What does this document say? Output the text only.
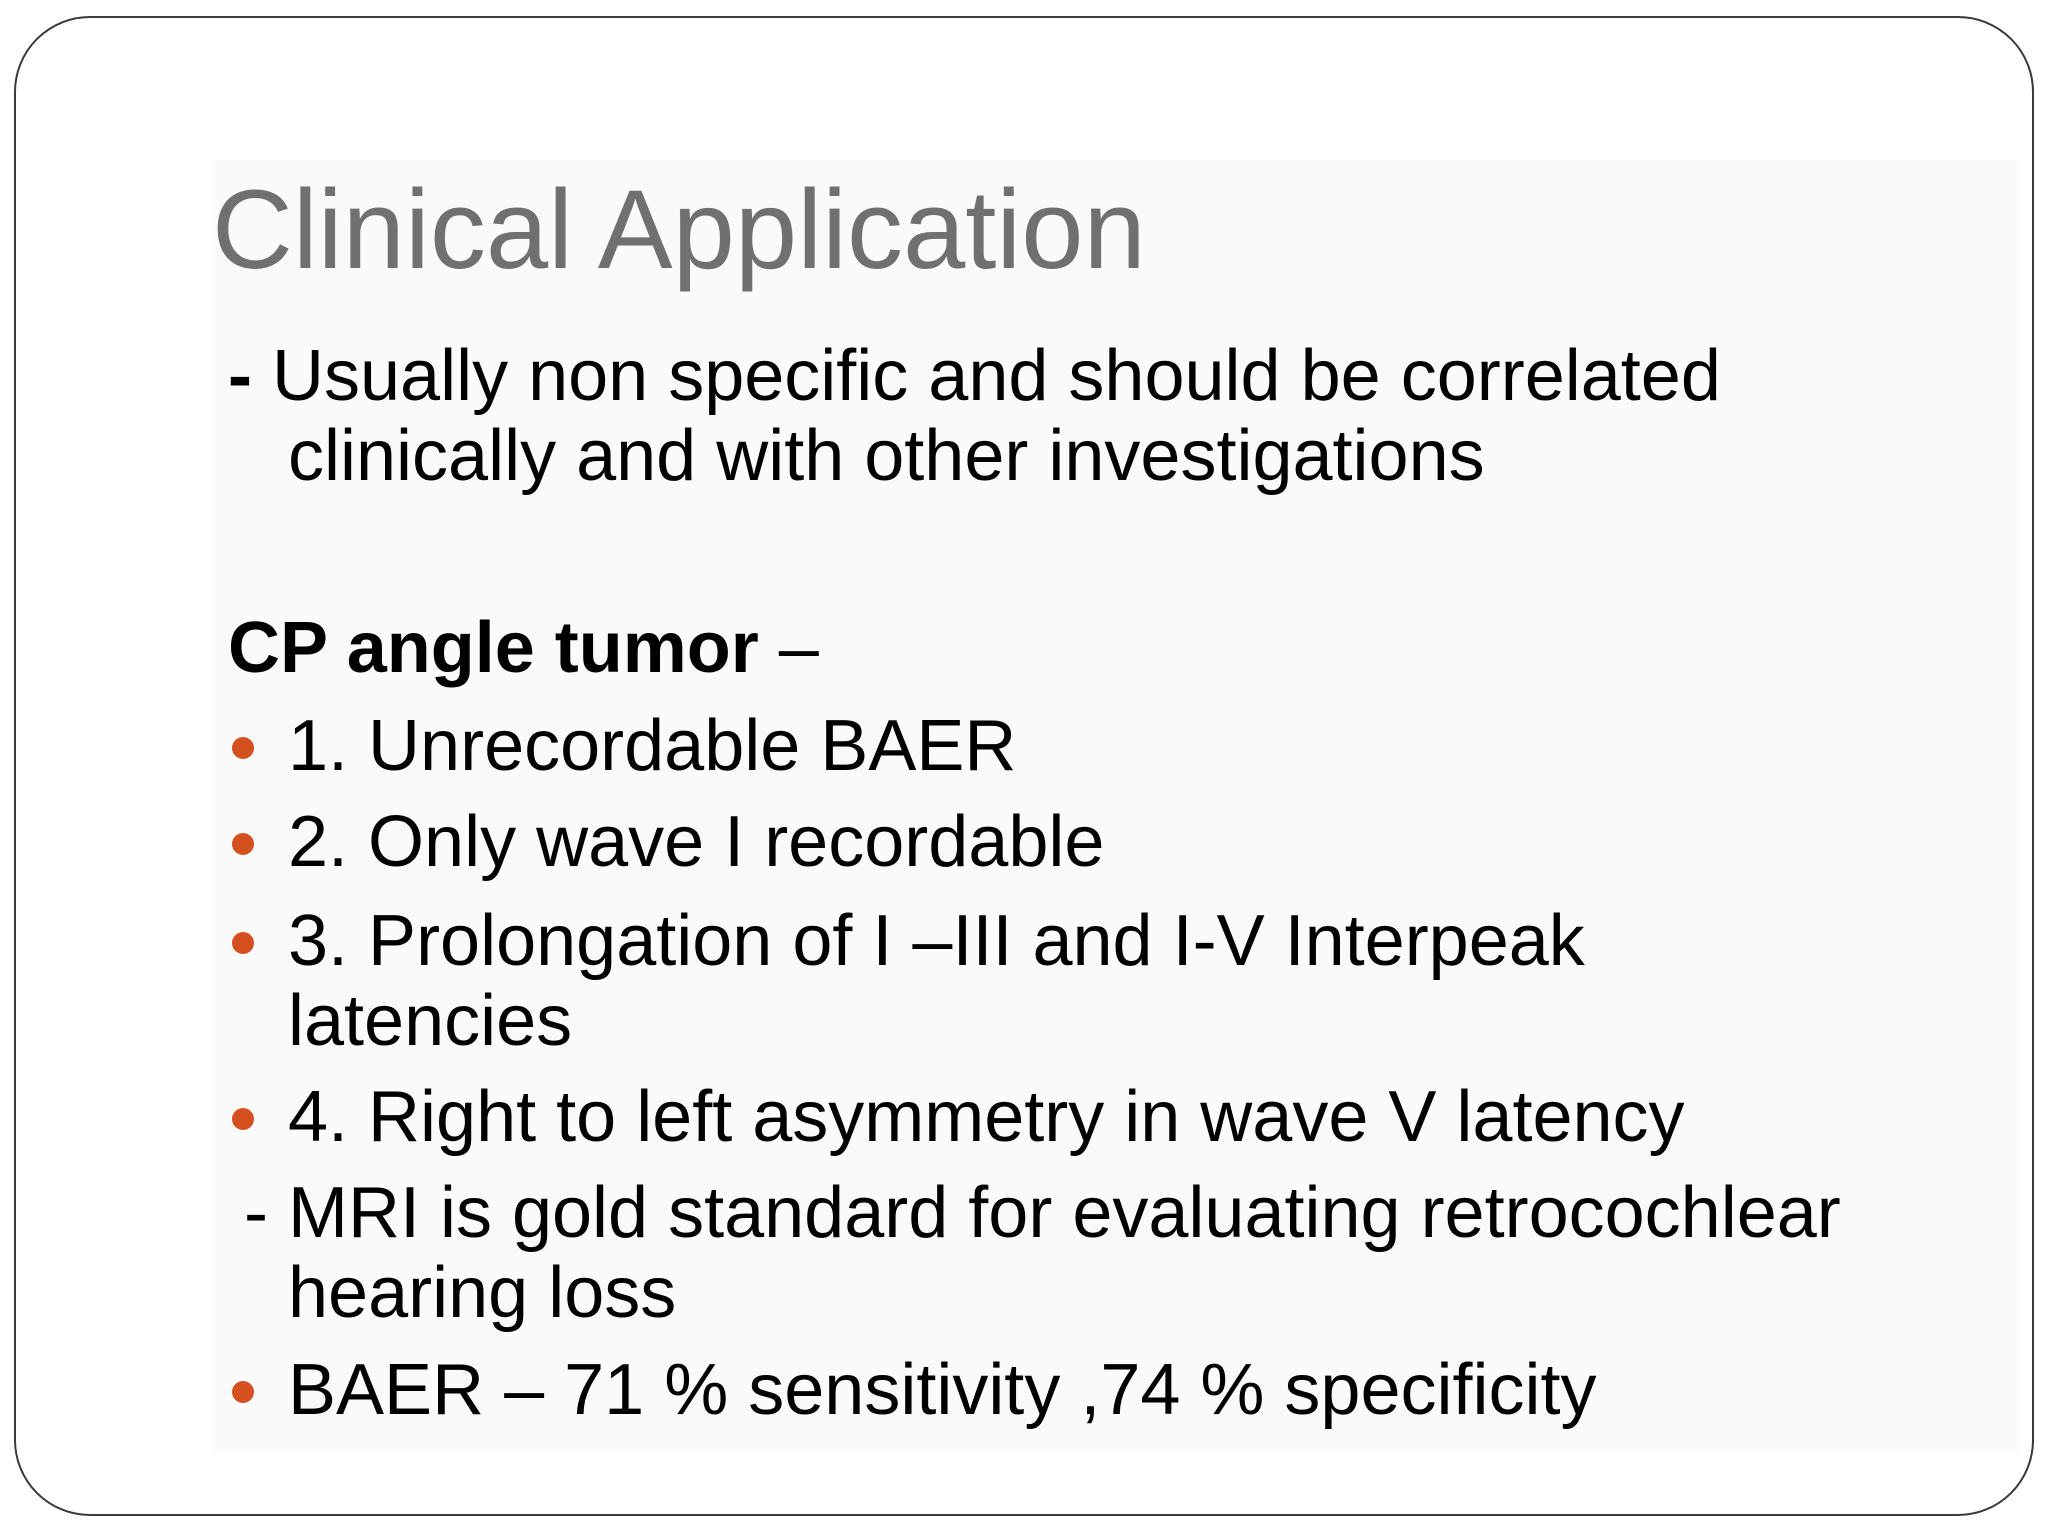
Clinical Application

- Usually non specific and should be correlated

clinically and with other investigations

CP angle tumor –

1. Unrecordable BAER

2. Only wave I recordable

3. Prolongation of I –III and I-V Interpeak

latencies

4. Right to left asymmetry in wave V latency

- MRI is gold standard for evaluating retrocochlear

hearing loss

BAER – 71 % sensitivity ,74 % specificity
